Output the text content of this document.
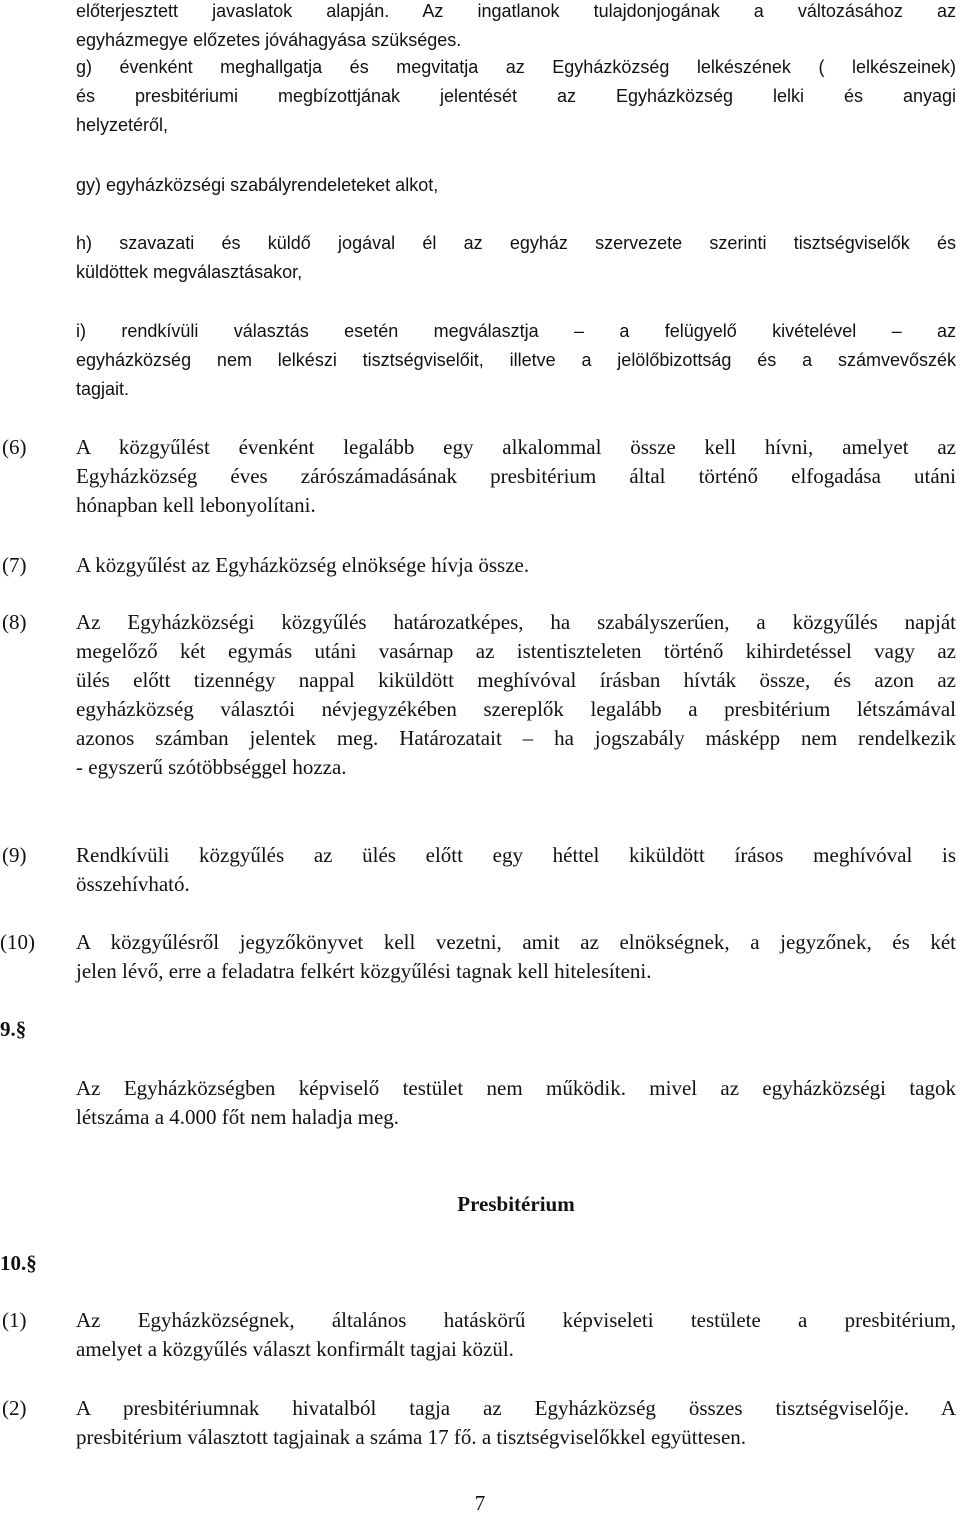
előterjesztett javaslatok alapján. Az ingatlanok tulajdonjogának a változásához az
egyházmegye előzetes jóváhagyása szükséges.
g) évenként meghallgatja és megvitatja az Egyházközség lelkészének ( lelkészeinek)
és presbitériumi megbízottjának jelentését az Egyházközség lelki és anyagi
helyzetéről,
gy) egyházközségi szabályrendeleteket alkot,
h) szavazati és küldő jogával él az egyház szervezete szerinti tisztségviselők és
küldöttek megválasztásakor,
i) rendkívüli választás esetén megválasztja – a felügyelő kivételével – az
egyházközség nem lelkészi tisztségviselőit, illetve a jelölőbizottság és a számvevőszék
tagjait.
(6) A közgyűlést évenként legalább egy alkalommal össze kell hívni, amelyet az
Egyházközség éves zárószámadásának presbitérium által történő elfogadása utáni
hónapban kell lebonyolítani.
(7) A közgyűlést az Egyházközség elnöksége hívja össze.
(8) Az Egyházközségi közgyűlés határozatképes, ha szabályszerűen, a közgyűlés napját
megelőző két egymás utáni vasárnap az istentiszteleten történő kihirdetéssel vagy az
ülés előtt tizennégy nappal kiküldött meghívóval írásban hívták össze, és azon az
egyházközség választói névjegyzékében szereplők legalább a presbitérium létszámával
azonos számban jelentek meg. Határozatait – ha jogszabály másképp nem rendelkezik
- egyszerű szótöbbséggel hozza.
(9) Rendkívüli közgyűlés az ülés előtt egy héttel kiküldött írásos meghívóval is
összehívható.
(10) A közgyűlésről jegyzőkönyvet kell vezetni, amit az elnökségnek, a jegyzőnek, és két
jelen lévő, erre a feladatra felkért közgyűlési tagnak kell hitelesíteni.
9.§
Az Egyházközségben képviselő testület nem működik. mivel az egyházközségi tagok
létszáma a 4.000 főt nem haladja meg.
Presbitérium
10.§
(1) Az Egyházközségnek, általános hatáskörű képviseleti testülete a presbitérium,
amelyet a közgyűlés választ konfirmált tagjai közül.
(2) A presbitériumnak hivatalból tagja az Egyházközség összes tisztségviselője. A
presbitérium választott tagjainak a száma 17 fő. a tisztségviselőkkel együttesen.
7
